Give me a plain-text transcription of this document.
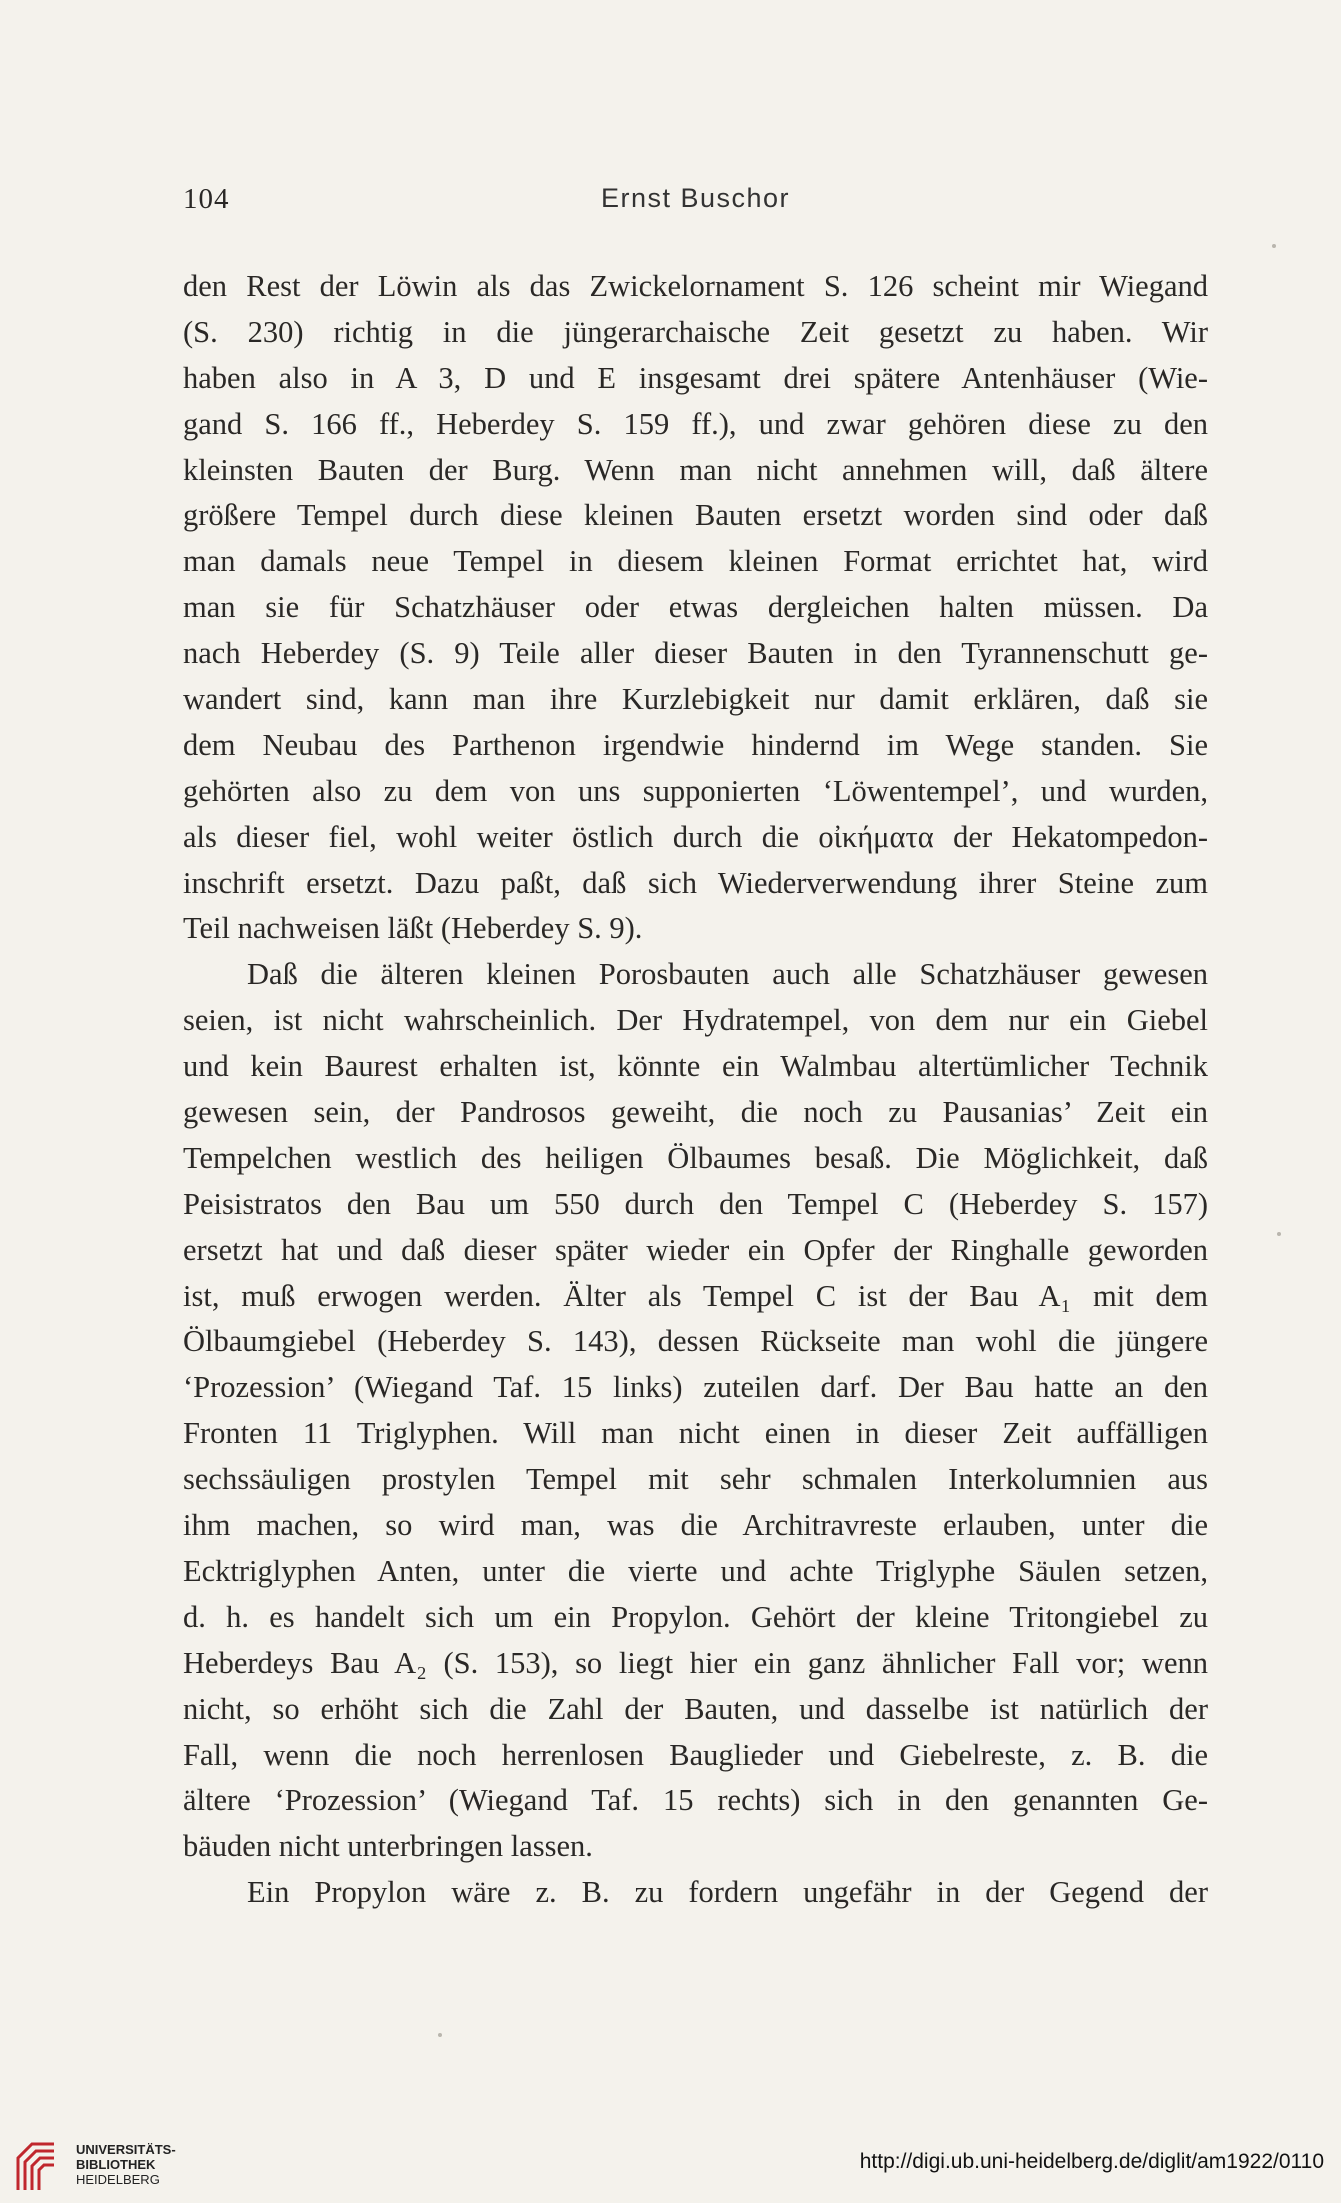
104	Ernst Buschor
den Rest der Löwin als das Zwickelornament S. 126 scheint mir Wiegand
(S. 230) richtig in die jüngerarchaische Zeit gesetzt zu haben. Wir
haben also in A 3, D und E insgesamt drei spätere Antenhäuser (Wie-
gand S. 166 ff., Heberdey S. 159 ff.), und zwar gehören diese zu den
kleinsten Bauten der Burg. Wenn man nicht annehmen will, daß ältere
größere Tempel durch diese kleinen Bauten ersetzt worden sind oder daß
man damals neue Tempel in diesem kleinen Format errichtet hat, wird
man sie für Schatzhäuser oder etwas dergleichen halten müssen. Da
nach Heberdey (S. 9) Teile aller dieser Bauten in den Tyrannenschutt ge-
wandert sind, kann man ihre Kurzlebigkeit nur damit erklären, daß sie
dem Neubau des Parthenon irgendwie hindernd im Wege standen. Sie
gehörten also zu dem von uns supponierten ‘Löwentempel’, und wurden,
als dieser fiel, wohl weiter östlich durch die οἰκήματα der Hekatompedon-
inschrift ersetzt. Dazu paßt, daß sich Wiederverwendung ihrer Steine zum
Teil nachweisen läßt (Heberdey S. 9).
Daß die älteren kleinen Porosbauten auch alle Schatzhäuser gewesen
seien, ist nicht wahrscheinlich. Der Hydratempel, von dem nur ein Giebel
und kein Baurest erhalten ist, könnte ein Walmbau altertümlicher Technik
gewesen sein, der Pandrosos geweiht, die noch zu Pausanias’ Zeit ein
Tempelchen westlich des heiligen Ölbaumes besaß. Die Möglichkeit, daß
Peisistratos den Bau um 550 durch den Tempel C (Heberdey S. 157)
ersetzt hat und daß dieser später wieder ein Opfer der Ringhalle geworden
ist, muß erwogen werden. Älter als Tempel C ist der Bau A₁ mit dem
Ölbaumgiebel (Heberdey S. 143), dessen Rückseite man wohl die jüngere
‘Prozession’ (Wiegand Taf. 15 links) zuteilen darf. Der Bau hatte an den
Fronten 11 Triglyphen. Will man nicht einen in dieser Zeit auffälligen
sechssäuligen prostylen Tempel mit sehr schmalen Interkolumnien aus
ihm machen, so wird man, was die Architravreste erlauben, unter die
Ecktriglyphen Anten, unter die vierte und achte Triglyphe Säulen setzen,
d. h. es handelt sich um ein Propylon. Gehört der kleine Tritongiebel zu
Heberdeys Bau A₂ (S. 153), so liegt hier ein ganz ähnlicher Fall vor; wenn
nicht, so erhöht sich die Zahl der Bauten, und dasselbe ist natürlich der
Fall, wenn die noch herrenlosen Bauglieder und Giebelreste, z. B. die
ältere ‘Prozession’ (Wiegand Taf. 15 rechts) sich in den genannten Ge-
bäuden nicht unterbringen lassen.
Ein Propylon wäre z. B. zu fordern ungefähr in der Gegend der
UNIVERSITÄTS-
BIBLIOTHEK
HEIDELBERG
http://digi.ub.uni-heidelberg.de/diglit/am1922/0110
